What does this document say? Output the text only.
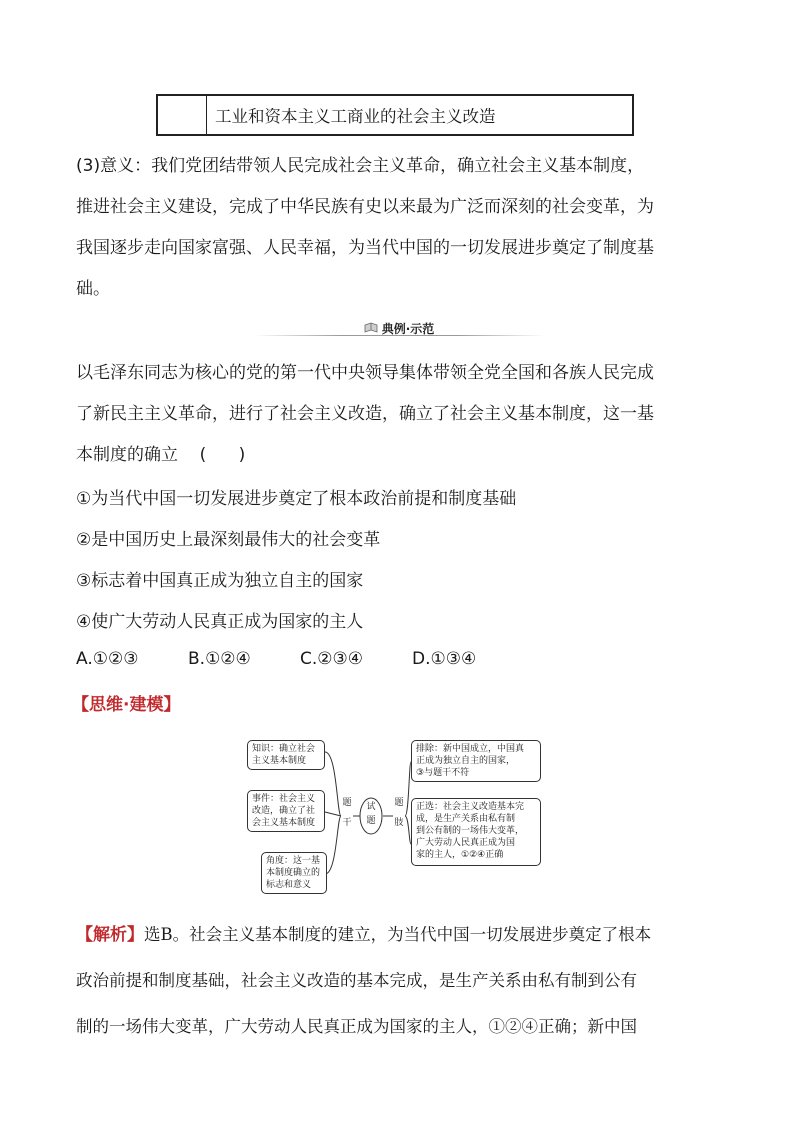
工业和资本主义工商业的社会主义改造

(3)意义：我们党团结带领人民完成社会主义革命，确立社会主义基本制度，

推进社会主义建设，完成了中华民族有史以来最为广泛而深刻的社会变革，为

我国逐步走向国家富强、人民幸福，为当代中国的一切发展进步奠定了制度基

础。

典例·示范
以毛泽东同志为核心的党的第一代中央领导集体带领全党全国和各族人民完成
了新民主主义革命，进行了社会主义改造，确立了社会主义基本制度，这一基
本制度的确立    (      )
①为当代中国一切发展进步奠定了根本政治前提和制度基础
②是中国历史上最深刻最伟大的社会变革
③标志着中国真正成为独立自主的国家
④使广大劳动人民真正成为国家的主人
A.①②③	B.①②④	C.②③④	D.①③④
【思维·建模】
知识：确立社会
主义基本制度
事件：社会主义
改造，确立了社
会主义基本制度
角度：这一基
本制度确立的
标志和意义
题
干
试
题
题
肢
排除：新中国成立，中国真
正成为独立自主的国家，
③与题干不符
正选：社会主义改造基本完
成，是生产关系由私有制
到公有制的一场伟大变革，
广大劳动人民真正成为国
家的主人，①②④正确

【解析】选B。社会主义基本制度的建立，为当代中国一切发展进步奠定了根本

政治前提和制度基础，社会主义改造的基本完成，是生产关系由私有制到公有

制的一场伟大变革，广大劳动人民真正成为国家的主人，①②④正确；新中国
